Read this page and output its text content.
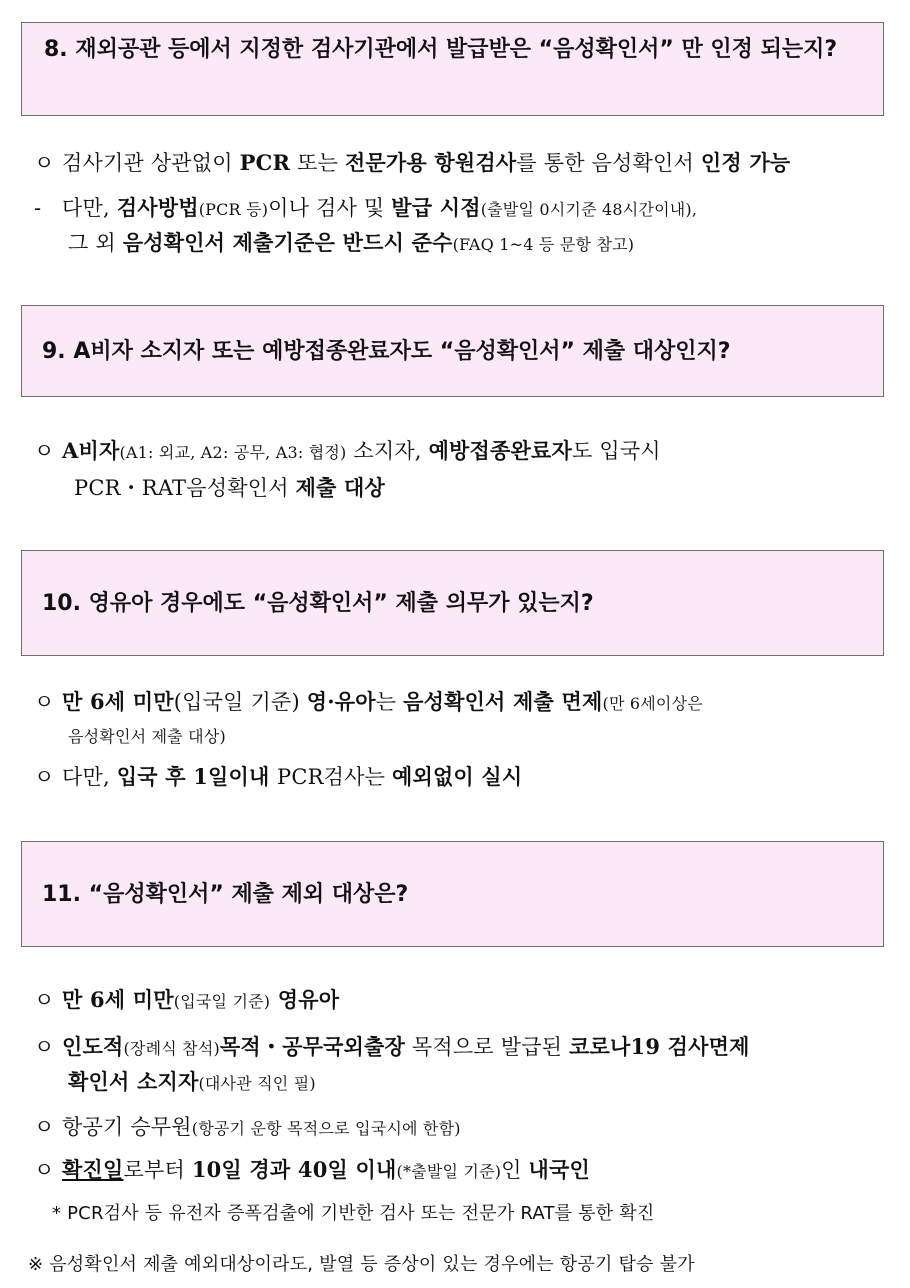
8. 재외공관 등에서 지정한 검사기관에서 발급받은 “음성확인서” 만 인정 되는지?
ㅇ 검사기관 상관없이 PCR 또는 전문가용 항원검사를 통한 음성확인서 인정 가능
- 다만, 검사방법(PCR 등)이나 검사 및 발급 시점(출발일 0시기준 48시간이내),
그 외 음성확인서 제출기준은 반드시 준수(FAQ 1~4 등 문항 참고)
9. A비자 소지자 또는 예방접종완료자도 “음성확인서” 제출 대상인지?
ㅇ A비자(A1: 외교, A2: 공무, A3: 협정) 소지자, 예방접종완료자도 입국시
PCR・RAT음성확인서 제출 대상
10. 영유아 경우에도 “음성확인서” 제출 의무가 있는지?
ㅇ 만 6세 미만(입국일 기준) 영·유아는 음성확인서 제출 면제(만 6세이상은
음성확인서 제출 대상)
ㅇ 다만, 입국 후 1일이내 PCR검사는 예외없이 실시
11. “음성확인서” 제출 제외 대상은?
ㅇ 만 6세 미만(입국일 기준) 영유아
ㅇ 인도적(장례식 참석)목적・공무국외출장 목적으로 발급된 코로나19 검사면제
확인서 소지자(대사관 직인 필)
ㅇ 항공기 승무원(항공기 운항 목적으로 입국시에 한함)
ㅇ 확진일로부터 10일 경과 40일 이내(*출발일 기준)인 내국인
* PCR검사 등 유전자 증폭검출에 기반한 검사 또는 전문가 RAT를 통한 확진
※ 음성확인서 제출 예외대상이라도, 발열 등 증상이 있는 경우에는 항공기 탑승 불가
